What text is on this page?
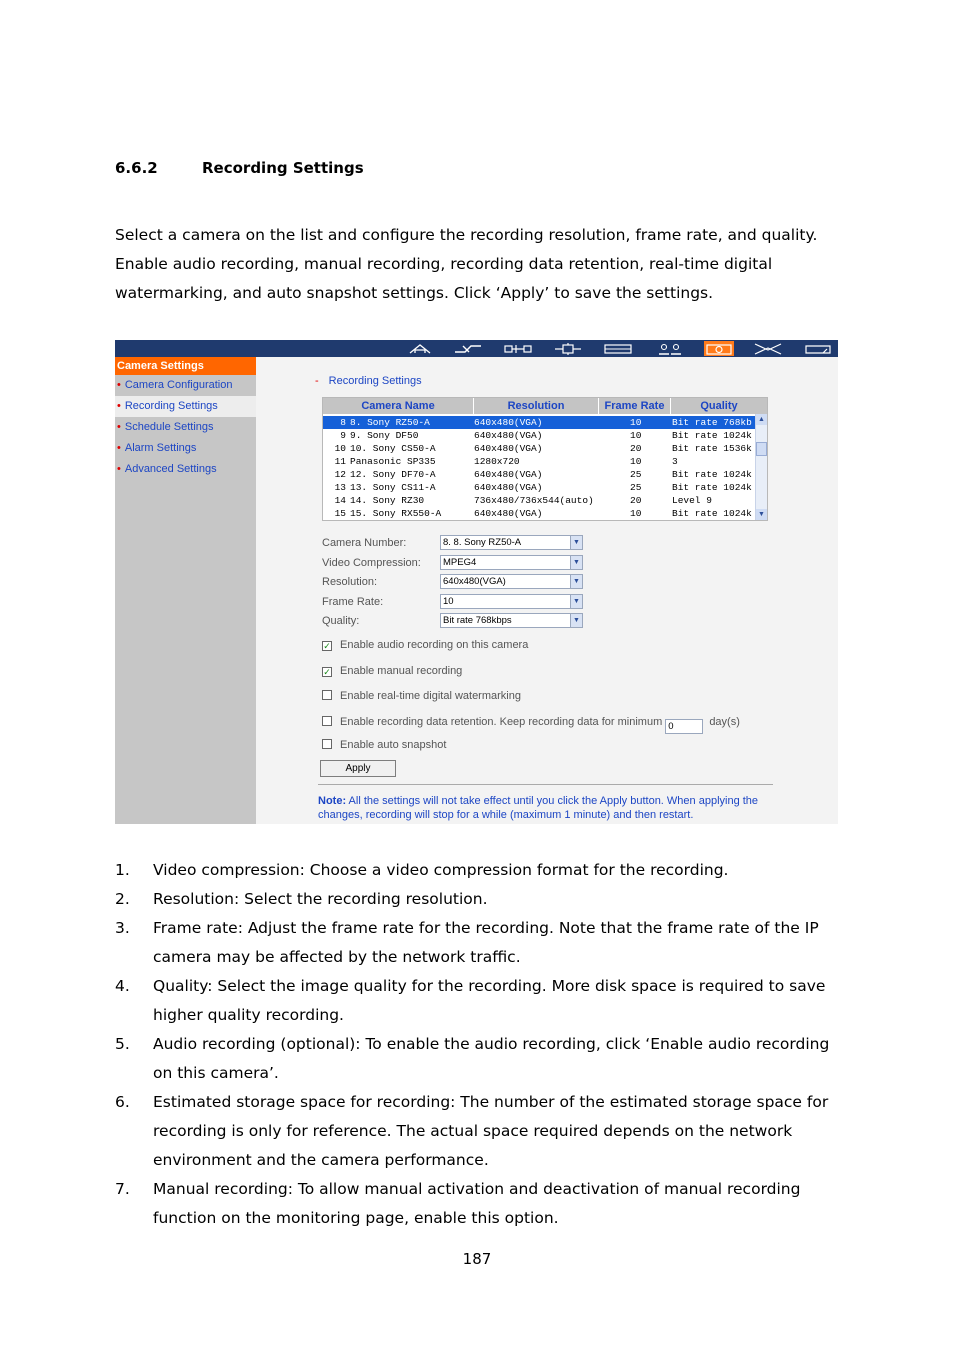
6.6.2	Recording Settings

Select a camera on the list and configure the recording resolution, frame rate, and quality. Enable audio recording, manual recording, recording data retention, real-time digital watermarking, and auto snapshot settings. Click ‘Apply’ to save the settings.

Camera Settings
• Camera Configuration
• Recording Settings
• Schedule Settings
• Alarm Settings
• Advanced Settings
- Recording Settings
Camera Name	Resolution	Frame Rate	Quality
8 8. Sony RZ50-A	640x480(VGA)	10	Bit rate 768kb
9 9. Sony DF50	640x480(VGA)	10	Bit rate 1024k
10 10. Sony CS50-A	640x480(VGA)	20	Bit rate 1536k
11 Panasonic SP335	1280x720	10	3
12 12. Sony DF70-A	640x480(VGA)	25	Bit rate 1024k
13 13. Sony CS11-A	640x480(VGA)	25	Bit rate 1024k
14 14. Sony RZ30	736x480/736x544(auto)	20	Level 9
15 15. Sony RX550-A	640x480(VGA)	10	Bit rate 1024k
▲
▼
Camera Number:	8. 8. Sony RZ50-A	▼
Video Compression:	MPEG4	▼
Resolution:	640x480(VGA)	▼
Frame Rate:	10	▼
Quality:	Bit rate 768kbps	▼
✓ Enable audio recording on this camera
✓ Enable manual recording
Enable real-time digital watermarking
Enable recording data retention. Keep recording data for minimum 0	day(s)
Enable auto snapshot
Apply
Note: All the settings will not take effect until you click the Apply button. When applying the changes, recording will stop for a while (maximum 1 minute) and then restart.
1.	Video compression: Choose a video compression format for the recording.
2.	Resolution: Select the recording resolution.
3.	Frame rate: Adjust the frame rate for the recording. Note that the frame rate of the IP camera may be affected by the network traffic.
4.	Quality: Select the image quality for the recording. More disk space is required to save higher quality recording.
5.	Audio recording (optional): To enable the audio recording, click ‘Enable audio recording on this camera’.
6.	Estimated storage space for recording: The number of the estimated storage space for recording is only for reference. The actual space required depends on the network environment and the camera performance.
7.	Manual recording: To allow manual activation and deactivation of manual recording function on the monitoring page, enable this option.
187
